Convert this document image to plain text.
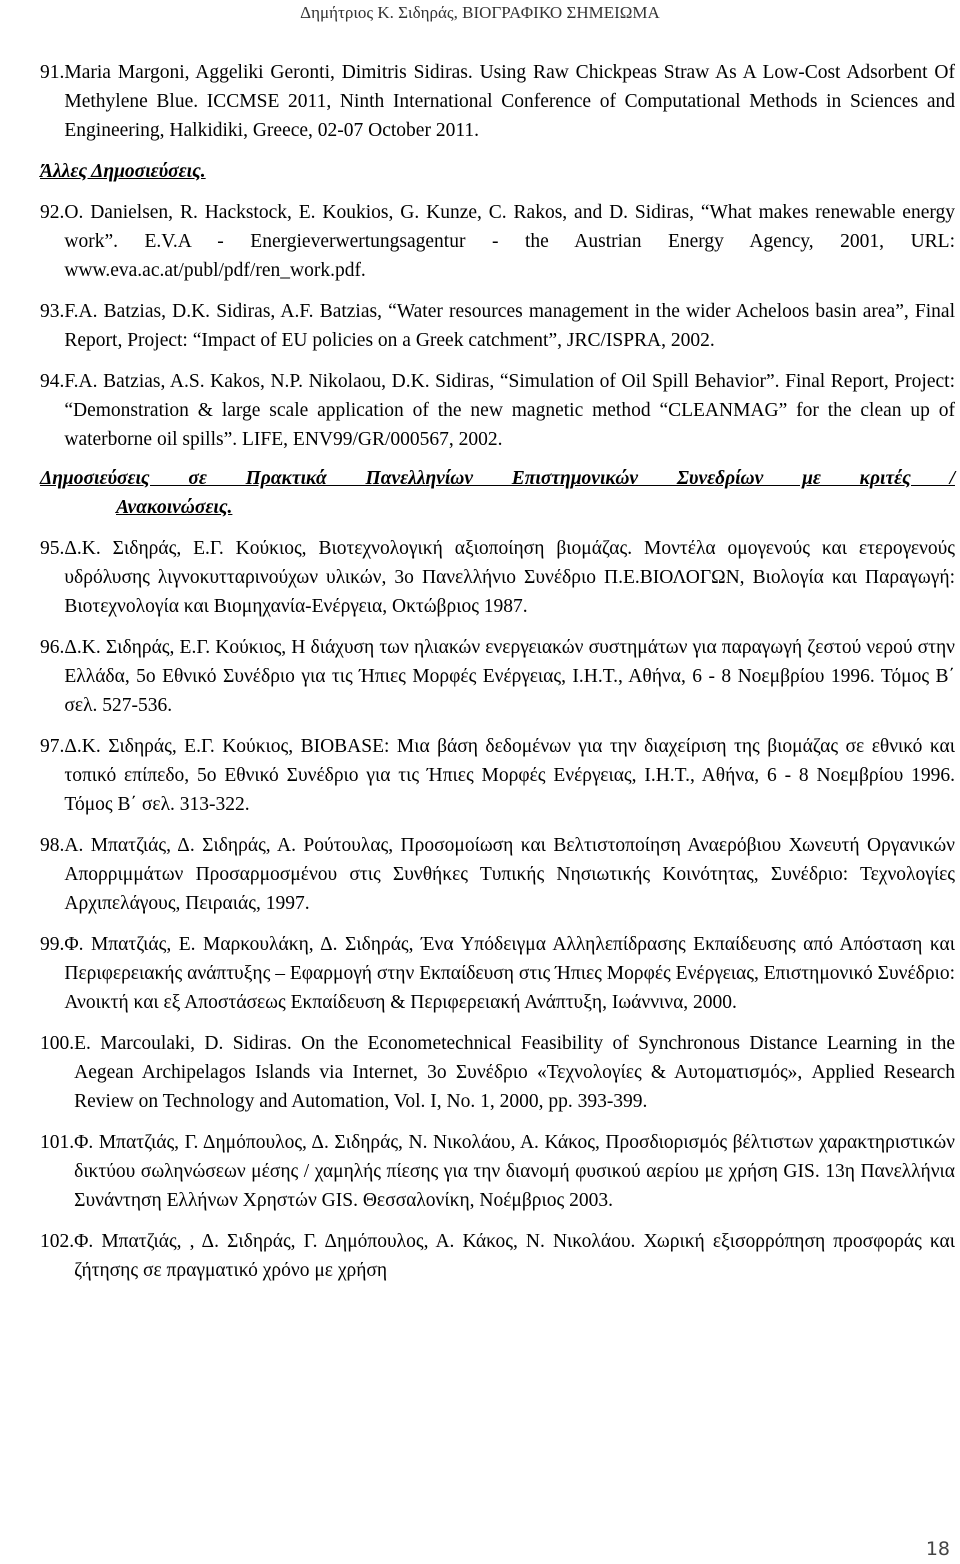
Δημήτριος Κ. Σιδηράς, ΒΙΟΓΡΑΦΙΚΟ ΣΗΜΕΙΩΜΑ
91. Maria Margoni, Aggeliki Geronti, Dimitris Sidiras. Using Raw Chickpeas Straw As A Low-Cost Adsorbent Of Methylene Blue. ICCMSE 2011, Ninth International Conference of Computational Methods in Sciences and Engineering, Halkidiki, Greece, 02-07 October 2011.
Άλλες Δημοσιεύσεις.
92. O. Danielsen, R. Hackstock, E. Koukios, G. Kunze, C. Rakos, and D. Sidiras, “What makes renewable energy work”. E.V.A - Energieverwertungsagentur - the Austrian Energy Agency, 2001, URL: www.eva.ac.at/publ/pdf/ren_work.pdf.
93. F.A. Batzias, D.K. Sidiras, A.F. Batzias, “Water resources management in the wider Acheloos basin area”, Final Report, Project: “Impact of EU policies on a Greek catchment”, JRC/ISPRA, 2002.
94. F.A. Batzias, A.S. Kakos, N.P. Nikolaou, D.K. Sidiras, “Simulation of Oil Spill Behavior”. Final Report, Project: “Demonstration & large scale application of the new magnetic method “CLEANMAG” for the clean up of waterborne oil spills”. LIFE, ENV99/GR/000567, 2002.
Δημοσιεύσεις σε Πρακτικά Πανελληνίων Επιστημονικών Συνεδρίων με κριτές /
Ανακοινώσεις.
95. Δ.Κ. Σιδηράς, Ε.Γ. Κούκιος, Βιοτεχνολογική αξιοποίηση βιομάζας. Μοντέλα ομογενούς και ετερογενούς υδρόλυσης λιγνοκυτταρινούχων υλικών, 3ο Πανελλήνιο Συνέδριο Π.Ε.ΒΙΟΛΟΓΩΝ, Βιολογία και Παραγωγή: Βιοτεχνολογία και Βιομηχανία-Ενέργεια, Οκτώβριος 1987.
96. Δ.Κ. Σιδηράς, Ε.Γ. Κούκιος, Η διάχυση των ηλιακών ενεργειακών συστημάτων για παραγωγή ζεστού νερού στην Ελλάδα, 5ο Εθνικό Συνέδριο για τις Ήπιες Μορφές Ενέργειας, Ι.Η.Τ., Αθήνα, 6 - 8 Νοεμβρίου 1996. Τόμος Β΄ σελ. 527-536.
97. Δ.Κ. Σιδηράς, Ε.Γ. Κούκιος, BIOBASE: Μια βάση δεδομένων για την διαχείριση της βιομάζας σε εθνικό και τοπικό επίπεδο, 5ο Εθνικό Συνέδριο για τις Ήπιες Μορφές Ενέργειας, Ι.Η.Τ., Αθήνα, 6 - 8 Νοεμβρίου 1996. Τόμος Β΄ σελ. 313-322.
98. Α. Μπατζιάς, Δ. Σιδηράς, Α. Ρούτουλας, Προσομοίωση και Βελτιστοποίηση Αναερόβιου Χωνευτή Οργανικών Απορριμμάτων Προσαρμοσμένου στις Συνθήκες Τυπικής Νησιωτικής Κοινότητας, Συνέδριο: Τεχνολογίες Αρχιπελάγους, Πειραιάς, 1997.
99. Φ. Μπατζιάς, Ε. Μαρκουλάκη, Δ. Σιδηράς, Ένα Υπόδειγμα Αλληλεπίδρασης Εκπαίδευσης από Απόσταση και Περιφερειακής ανάπτυξης – Εφαρμογή στην Εκπαίδευση στις Ήπιες Μορφές Ενέργειας, Επιστημονικό Συνέδριο: Ανοικτή και εξ Αποστάσεως Εκπαίδευση & Περιφερειακή Ανάπτυξη, Ιωάννινα, 2000.
100. E. Marcoulaki, D. Sidiras. On the Econometechnical Feasibility of Synchronous Distance Learning in the Aegean Archipelagos Islands via Internet, 3ο Συνέδριο «Τεχνολογίες & Αυτοματισμός», Applied Research Review on Technology and Automation, Vol. I, No. 1, 2000, pp. 393-399.
101. Φ. Μπατζιάς, Γ. Δημόπουλος, Δ. Σιδηράς, Ν. Νικολάου, Α. Κάκος, Προσδιορισμός βέλτιστων χαρακτηριστικών δικτύου σωληνώσεων μέσης / χαμηλής πίεσης για την διανομή φυσικού αερίου με χρήση GIS. 13η Πανελλήνια Συνάντηση Ελλήνων Χρηστών GIS. Θεσσαλονίκη, Νοέμβριος 2003.
102. Φ. Μπατζιάς, , Δ. Σιδηράς, Γ. Δημόπουλος, Α. Κάκος, Ν. Νικολάου. Χωρική εξισορρόπηση προσφοράς και ζήτησης σε πραγματικό χρόνο με χρήση
18
